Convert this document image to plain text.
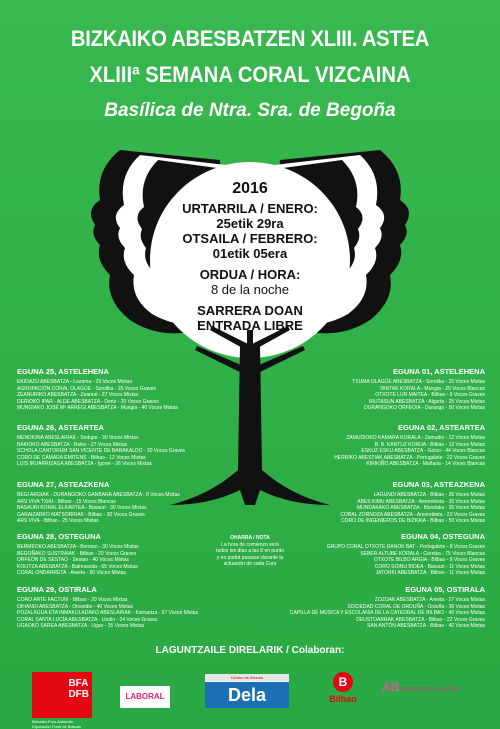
BIZKAIKO ABESBATZEN XLIII. ASTEA
XLIIIª SEMANA CORAL VIZCAINA
Basílica de Ntra. Sra. de Begoña
2016
URTARRILA / ENERO:
25etik 29ra
OTSAILA / FEBRERO:
01etik 05era
ORDUA / HORA:
8 de la noche
SARRERA DOAN
ENTRADA LIBRE
EGUNA 25, ASTELEHENA
EKIOAZU ABESBATZA - Lezama - 29 Voces Mixtas
AGRUPACIÓN CORAL OLAGÜE - Sondika - 25 Voces Graves
ZEANURIKO ABESBATZA - Zeanuri - 27 Voces Mixtas
DERIOKO IPAR - ALDE ABESBATZA - Derio - 20 Voces Graves
MUNGIAKO JOSÉ Mª ARREGI ABESBATZA - Mungia - 40 Voces Mixtas
EGUNA 26, ASTEARTEA
MENDIONA ABESLARIAK - Sodupe - 30 Voces Mixtas
BAKIOKO ABESBATZA - Bakio - 27 Voces Mixtas
SCHOLA CANTORUM SAN VICENTE DE BARAKALDO - 30 Voces Graves
CORO DE CÁMARA EMITENS - Bilbao - 12 Voces Mixtas
LUIS IRUARRIZAGA ABESBATZA - Igorre - 26 Voces Mixtas
EGUNA 27, ASTEAZKENA
BEGI ARGIAK - DURANGOKO GANBARA ABESBATZA - 8 Voces Mixtas
ARS VIVA TXIKI - Bilbao - 15 Voces Blancas
BASAURI KORAL ELKARTEA - Basauri - 30 Voces Mixtas
GARAIZARKO MATSORRIAK - Bilbao - 30 Voces Graves
ARS VIVA - Bilbao - 25 Voces Mixtas
EGUNA 28, OSTEGUNA
BERMEOKO ABESBATZA - Bermeo - 30 Voces Mixtas
BEGOÑAKO SUSTRAIAK - Bilbao - 20 Voces Graves
ORFEÓN DE SESTAO - Sestao - 40 Voces Mixtas
KOLITZA ABESBATZA - Balmaseda - 65 Voces Mixtas
CORAL ONDARRETA - Areeta - 50 Voces Mixtas
EGUNA 29, OSTIRALA
CORO ARTE FACTUM - Bilbao - 20 Voces Mixtas
OIHANDI ABESBATZA - Otxandio - 40 Voces Mixtas
POZALAGUA ETA INMAKULADAKO ABESLARIAK - Karrantza - 57 Voces Mixtas
CORAL SANTA LUCÍA ABESBATZA - Llodio - 24 Voces Graves
UGAOKO SAREA ABESBATZA - Ugao - 35 Voces Mixtas
EGUNA 01, ASTELEHENA
TXUMA OLAGÜE ABESBATZA - Sondika - 25 Voces Mixtas
TANTAK KORALA - Mungia - 20 Voces Blancas
OTXOTE LUR MAITEA - Bilbao - 9 Voces Graves
IRUTASUN ABESBATZA - Algorta - 25 Voces Mixtas
DURANGOKO ORFEOIA - Durango - 50 Voces Mixtas
EGUNA 02, ASTEARTEA
ZAMUDIOKO KAMARA KORALA - Zamudio - 12 Voces Mixtas
B. B. KANTUZ KORUA - Bilbao - 13 Voces Mixtas
ESKUZ ESKU ABESBATZA - Getxo - 44 Voces Blancas
HERRIKO ABESTIAK ABESBATZA - Portugalete - 22 Voces Graves
KIRIKIÑO ABESBATZA - Mañaria - 14 Voces Blancas
EGUNA 03, ASTEAZKENA
LAGUNDI ABESBATZA - Bilbao - 35 Voces Mixtas
ABES KIMU ABESBATZA - Amorebieta - 30 Voces Mixtas
MUNDAKAKO ABESBATZA - Mundaka - 35 Voces Mixtas
CORAL ZORNOZA ABESBATZA - Amorebieta - 23 Voces Graves
CORO DE INGENIEROS DE BIZKAIA - Bilbao - 50 Voces Mixtas
EGUNA 04, OSTEGUNA
GRUPO CORAL OTXOTE DANOK BAT - Portugalete - 8 Voces Graves
SEBER ALTUBE KORALA - Gernika - 75 Voces Blancas
OTXOTE BILBO ARGIA - Bilbao - 8 Voces Graves
CORO SOINU BIDEA - Basauri - 11 Voces Mixtas
JATORKI ABESBATZA - Bilbao - 11 Voces Mixtas
EGUNA 05, OSTIRALA
ZOZOAK ABESBATZA - Areeta - 27 Voces Mixtas
SOCIEDAD CORAL DE ORDUÑA - Orduña - 36 Voces Mixtas
CAPILLA DE MÚSICA Y ESCOLANÍA DE LA CATEDRAL DE BILBAO - 40 Voces Mixtas
DEUSTOARRAK ABESBATZA - Bilbao - 22 Voces Graves
SAN ANTÓN ABESBATZA - Bilbao - 40 Voces Mixtas
OHARRA / NOTA
La hora de comienzo será todos los días a las 8 en punto y no podrá pasarse durante la actuación de cada Coro
LAGUNTZAILE DIRELARIK / Colaboran:
BFA
DFB
Bizkaiko Foru Aldundia Diputación Foral de Bizkaia
LABORAL
Deiako de Bizkaia
Dela
B
Bilbao
AB ABESBATZEN ELKARTEA
